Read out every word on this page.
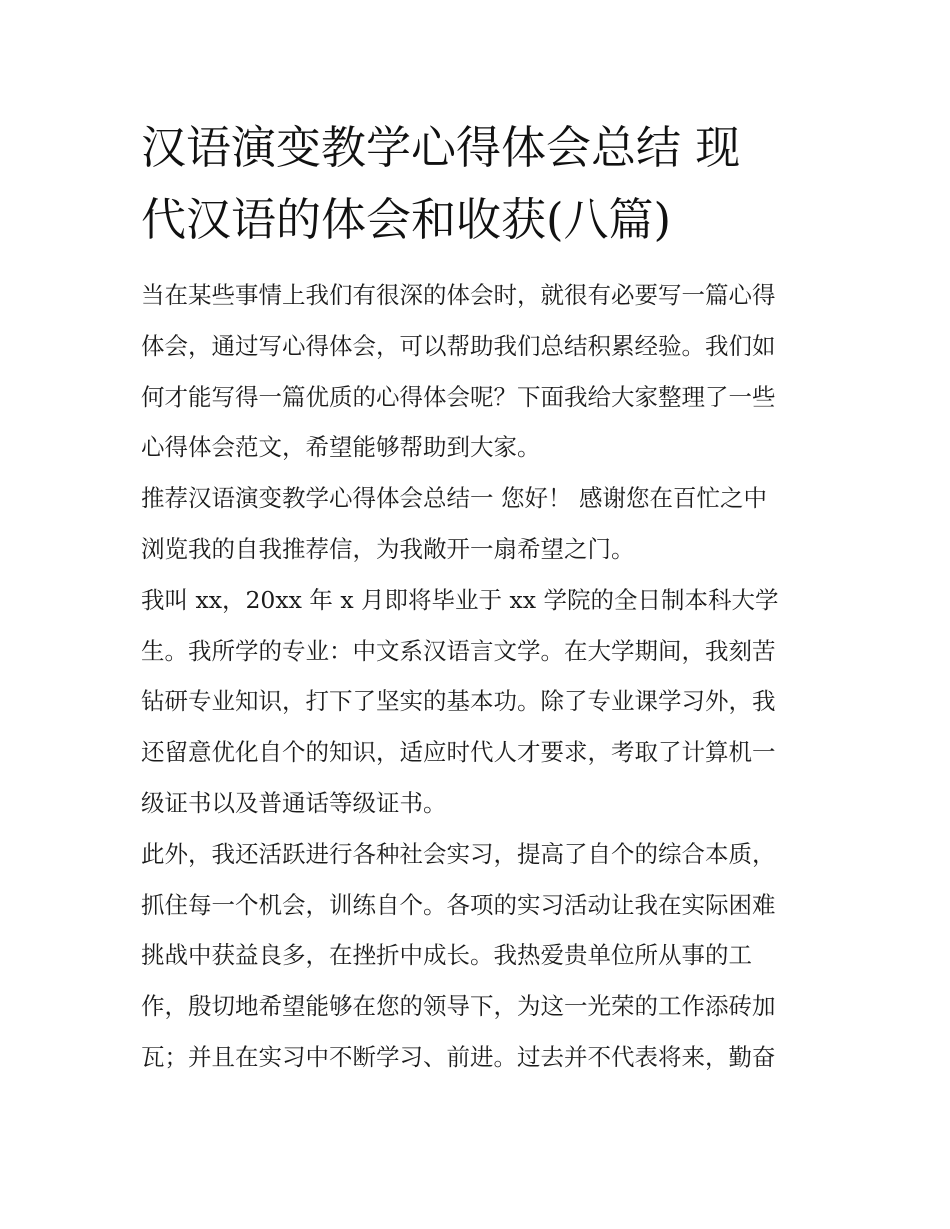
汉语演变教学心得体会总结 现
代汉语的体会和收获(八篇)
当在某些事情上我们有很深的体会时，就很有必要写一篇心得
体会，通过写心得体会，可以帮助我们总结积累经验。我们如
何才能写得一篇优质的心得体会呢？下面我给大家整理了一些
心得体会范文，希望能够帮助到大家。
推荐汉语演变教学心得体会总结一 您好！ 感谢您在百忙之中
浏览我的自我推荐信，为我敞开一扇希望之门。
我叫 xx，20xx 年 x 月即将毕业于 xx 学院的全日制本科大学
生。我所学的专业：中文系汉语言文学。在大学期间，我刻苦
钻研专业知识，打下了坚实的基本功。除了专业课学习外，我
还留意优化自个的知识，适应时代人才要求，考取了计算机一
级证书以及普通话等级证书。
此外，我还活跃进行各种社会实习，提高了自个的综合本质，
抓住每一个机会，训练自个。各项的实习活动让我在实际困难
挑战中获益良多，在挫折中成长。我热爱贵单位所从事的工
作，殷切地希望能够在您的领导下，为这一光荣的工作添砖加
瓦；并且在实习中不断学习、前进。过去并不代表将来，勤奋
